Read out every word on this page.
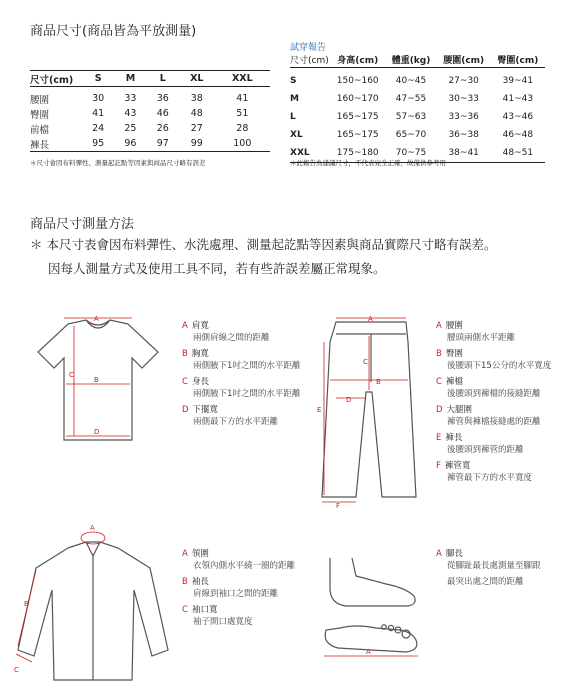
商品尺寸(商品皆為平放測量)
尺寸(cm)	S	M	L	XL	XXL

腰圍	30	33	36	38	41
臀圍	41	43	46	48	51
前檔	24	25	26	27	28
褲長	95	96	97	99	100
＊尺寸會因布料彈性、測量起訖點等因素與商品尺寸略有誤差
試穿報告
尺寸(cm)	身高(cm)	體重(kg)	腰圍(cm)	臀圍(cm)

S	150~160	40~45	27~30	39~41
M	160~170	47~55	30~33	41~43
L	165~175	57~63	33~36	43~46
XL	165~175	65~70	36~38	46~48
XXL	175~180	70~75	38~41	48~51
＊此報告為建議尺寸，不代表完全正確，故僅供參考用
商品尺寸測量方法
＊ 本尺寸表會因布料彈性、水洗處理、測量起訖點等因素與商品實際尺寸略有誤差。
因每人測量方式及使用工具不同，若有些許誤差屬正常現象。
A
B
C
D
A 肩寬
兩側肩線之間的距離
B 胸寬
兩側腋下1吋之間的水平距離
C 身長
兩側腋下1吋之間的水平距離
D 下擺寬
兩側最下方的水平距離
A
B
C
D
E
F
A 腰圍
腰頭兩側水平距離
B 臀圍
後腰頭下15公分的水平寬度
C 褲檔
後腰頭到褲檔的接縫距離
D 大腿圍
褲管與褲檔接縫處的距離
E 褲長
後腰頭到褲管的距離
F 褲管寬
褲管最下方的水平寬度
A
B
C
A 領圍
衣領內側水平繞一圈的距離
B 袖長
肩線到袖口之間的距離
C 袖口寬
袖子開口處寬度
A
A 腳長
從腳趾最長處測量至腳跟
最突出處之間的距離
